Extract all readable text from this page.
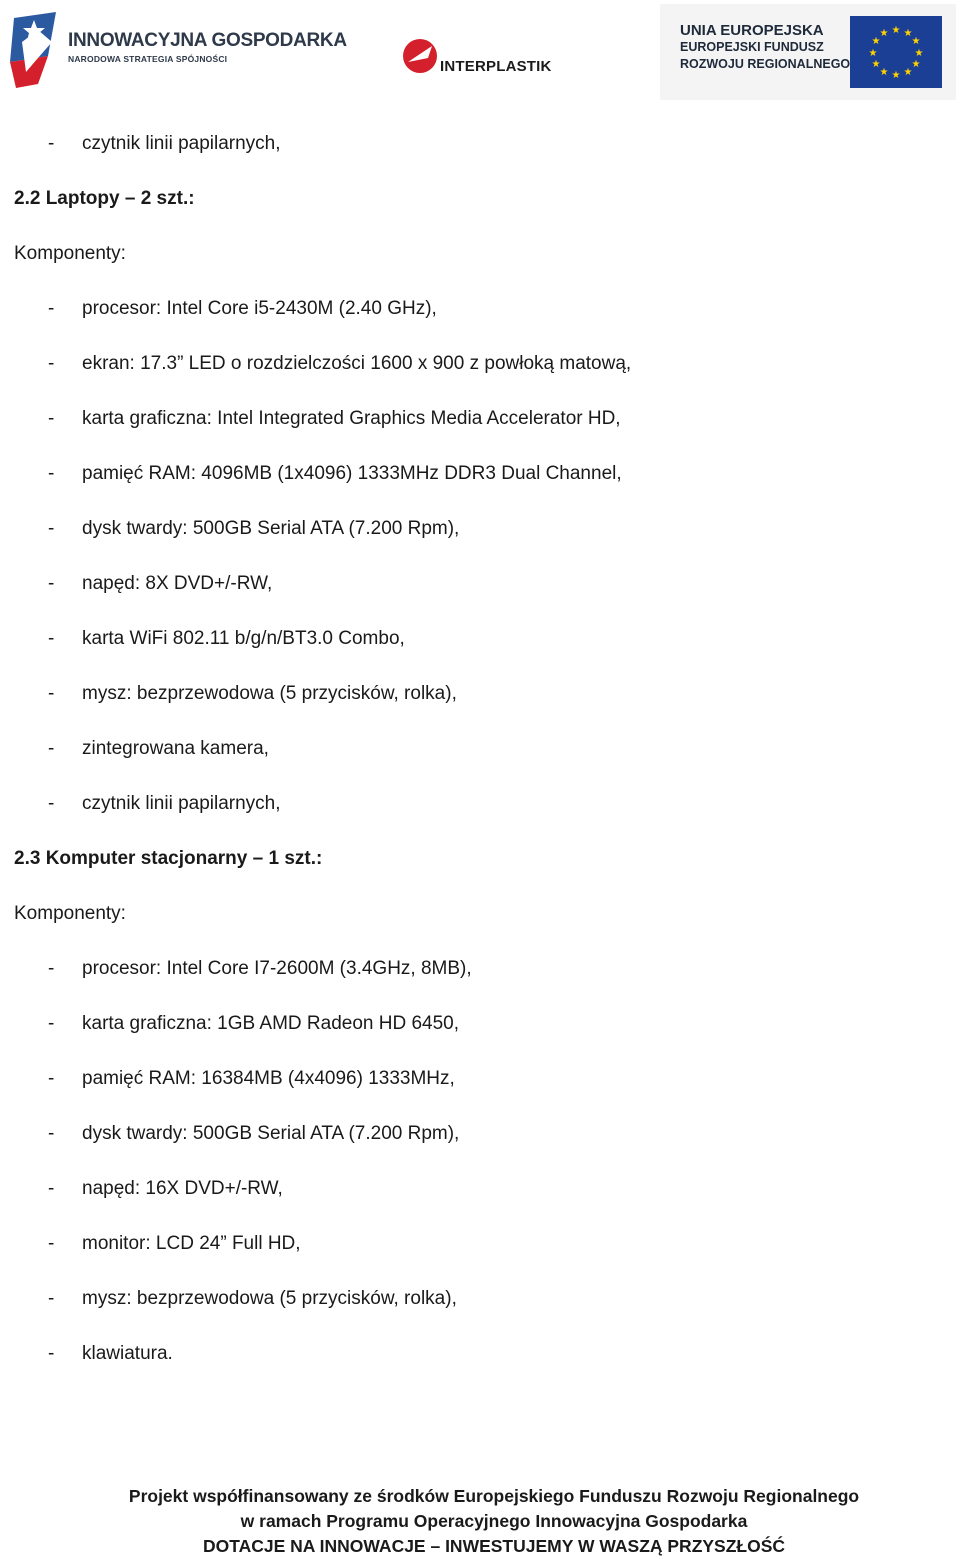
INNOWACYJNA GOSPODARKA
NARODOWA STRATEGIA SPÓJNOŚCI	INTERPLASTIK
UNIA EUROPEJSKA
EUROPEJSKI FUNDUSZ
ROZWOJU REGIONALNEGO
★ ★
★
★
★
★
★
★
★
★
★
★
- czytnik linii papilarnych,
2.2 Laptopy – 2 szt.:
Komponenty:
- procesor: Intel Core i5-2430M (2.40 GHz),
- ekran: 17.3” LED o rozdzielczości 1600 x 900 z powłoką matową,
- karta graficzna: Intel Integrated Graphics Media Accelerator HD,
- pamięć RAM: 4096MB (1x4096) 1333MHz DDR3 Dual Channel,
- dysk twardy: 500GB Serial ATA (7.200 Rpm),
- napęd: 8X DVD+/-RW,
- karta WiFi 802.11 b/g/n/BT3.0 Combo,
- mysz: bezprzewodowa (5 przycisków, rolka),
- zintegrowana kamera,
- czytnik linii papilarnych,
2.3 Komputer stacjonarny – 1 szt.:
Komponenty:
- procesor: Intel Core I7-2600M (3.4GHz, 8MB),
- karta graficzna: 1GB AMD Radeon HD 6450,
- pamięć RAM: 16384MB (4x4096) 1333MHz,
- dysk twardy: 500GB Serial ATA (7.200 Rpm),
- napęd: 16X DVD+/-RW,
- monitor: LCD 24” Full HD,
- mysz: bezprzewodowa (5 przycisków, rolka),
- klawiatura.
Projekt współfinansowany ze środków Europejskiego Funduszu Rozwoju Regionalnego
w ramach Programu Operacyjnego Innowacyjna Gospodarka
DOTACJE NA INNOWACJE – INWESTUJEMY W WASZĄ PRZYSZŁOŚĆ
